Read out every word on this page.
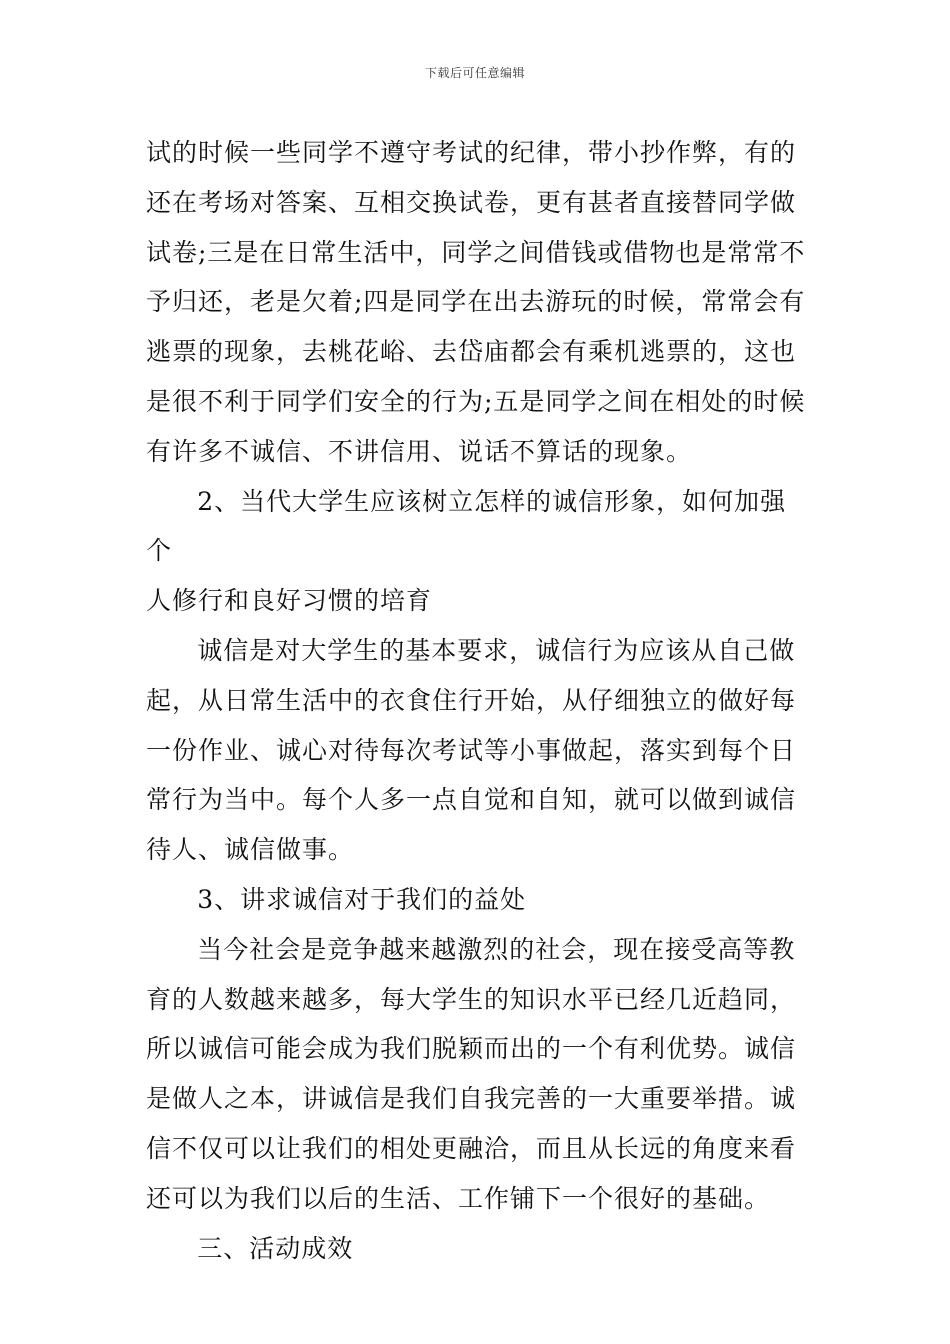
下载后可任意编辑

试的时候一些同学不遵守考试的纪律，带小抄作弊，有的
还在考场对答案、互相交换试卷，更有甚者直接替同学做
试卷;三是在日常生活中，同学之间借钱或借物也是常常不
予归还，老是欠着;四是同学在出去游玩的时候，常常会有
逃票的现象，去桃花峪、去岱庙都会有乘机逃票的，这也
是很不利于同学们安全的行为;五是同学之间在相处的时候
有许多不诚信、不讲信用、说话不算话的现象。

2、当代大学生应该树立怎样的诚信形象，如何加强个
人修行和良好习惯的培育

诚信是对大学生的基本要求，诚信行为应该从自己做
起，从日常生活中的衣食住行开始，从仔细独立的做好每
一份作业、诚心对待每次考试等小事做起，落实到每个日
常行为当中。每个人多一点自觉和自知，就可以做到诚信
待人、诚信做事。

3、讲求诚信对于我们的益处

当今社会是竞争越来越激烈的社会，现在接受高等教
育的人数越来越多，每大学生的知识水平已经几近趋同，
所以诚信可能会成为我们脱颖而出的一个有利优势。诚信
是做人之本，讲诚信是我们自我完善的一大重要举措。诚
信不仅可以让我们的相处更融洽，而且从长远的角度来看
还可以为我们以后的生活、工作铺下一个很好的基础。

三、活动成效
